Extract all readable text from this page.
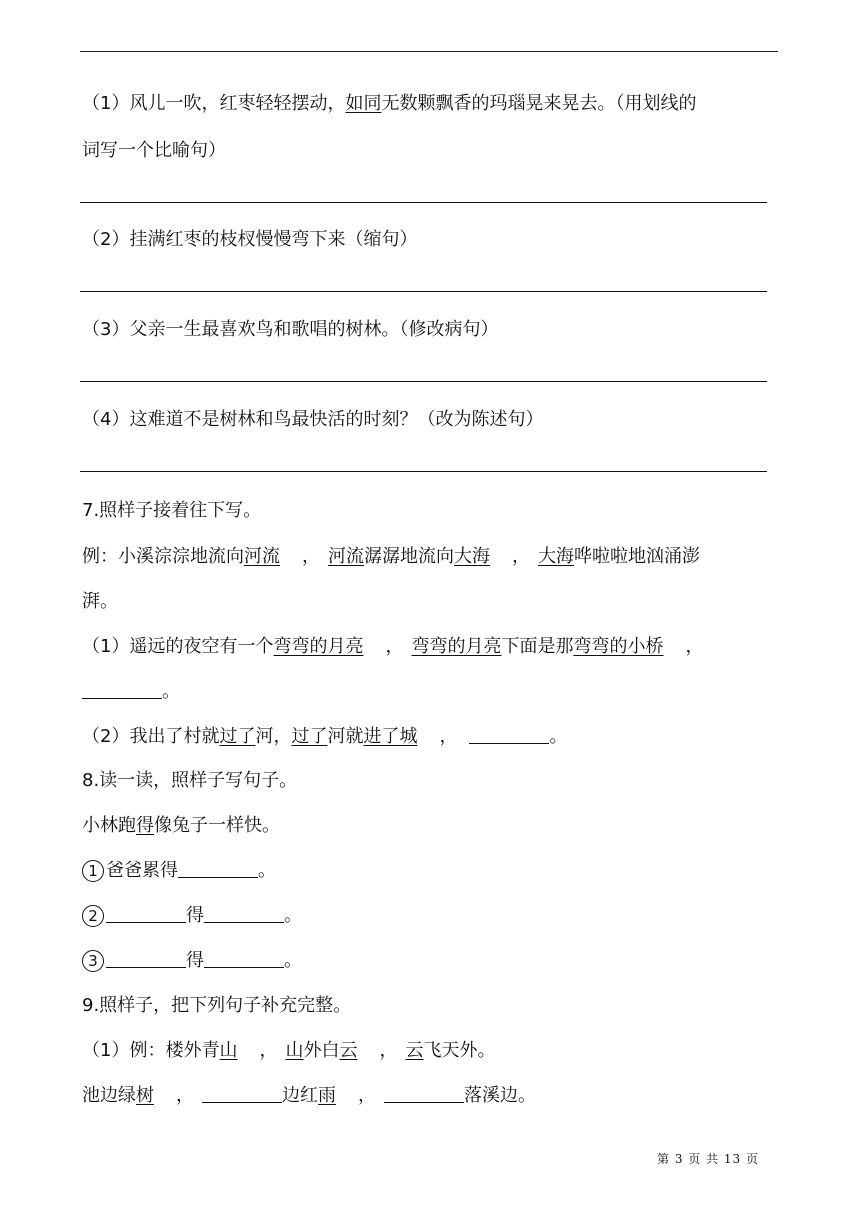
（1）风儿一吹，红枣轻轻摆动，如同无数颗飘香的玛瑙晃来晃去。（用划线的
词写一个比喻句）
（2）挂满红枣的枝杈慢慢弯下来（缩句）
（3）父亲一生最喜欢鸟和歌唱的树林。（修改病句）
（4）这难道不是树林和鸟最快活的时刻？（改为陈述句）
7.照样子接着往下写。
例：小溪淙淙地流向河流 ， 河流潺潺地流向大海 ， 大海哗啦啦地汹涌澎
湃。
（1）遥远的夜空有一个弯弯的月亮 ， 弯弯的月亮下面是那弯弯的小桥 ，
。
（2）我出了村就过了河，过了河就进了城 ，	。
8.读一读，照样子写句子。
小林跑得像兔子一样快。
1 爸爸累得	。
2	得	。
3	得	。
9.照样子，把下列句子补充完整。
（1）例：楼外青山 ， 山外白云 ， 云飞天外。
池边绿树 ，	边红雨 ，	落溪边。
第 3 页 共 13 页
